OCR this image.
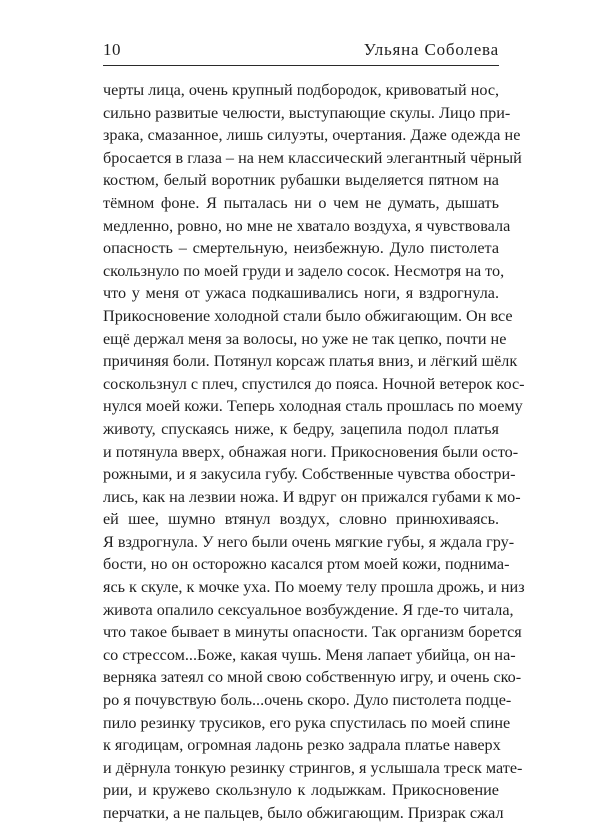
10	Ульяна Соболева
черты лица, очень крупный подбородок, кривоватый нос,
сильно развитые челюсти, выступающие скулы. Лицо при-
зрака, смазанное, лишь силуэты, очертания. Даже одежда не
бросается в глаза – на нем классический элегантный чёрный
костюм, белый воротник рубашки выделяется пятном на
тёмном фоне. Я пыталась ни о чем не думать, дышать
медленно, ровно, но мне не хватало воздуха, я чувствовала
опасность – смертельную, неизбежную. Дуло пистолета
скользнуло по моей груди и задело сосок. Несмотря на то,
что у меня от ужаса подкашивались ноги, я вздрогнула.
Прикосновение холодной стали было обжигающим. Он все
ещё держал меня за волосы, но уже не так цепко, почти не
причиняя боли. Потянул корсаж платья вниз, и лёгкий шёлк
соскользнул с плеч, спустился до пояса. Ночной ветерок кос-
нулся моей кожи. Теперь холодная сталь прошлась по моему
животу, спускаясь ниже, к бедру, зацепила подол платья
и потянула вверх, обнажая ноги. Прикосновения были осто-
рожными, и я закусила губу. Собственные чувства обостри-
лись, как на лезвии ножа. И вдруг он прижался губами к мо-
ей шее, шумно втянул воздух, словно принюхиваясь.
Я вздрогнула. У него были очень мягкие губы, я ждала гру-
бости, но он осторожно касался ртом моей кожи, поднима-
ясь к скуле, к мочке уха. По моему телу прошла дрожь, и низ
живота опалило сексуальное возбуждение. Я где-то читала,
что такое бывает в минуты опасности. Так организм борется
со стрессом...Боже, какая чушь. Меня лапает убийца, он на-
верняка затеял со мной свою собственную игру, и очень ско-
ро я почувствую боль...очень скоро. Дуло пистолета подце-
пило резинку трусиков, его рука спустилась по моей спине
к ягодицам, огромная ладонь резко задрала платье наверх
и дёрнула тонкую резинку стрингов, я услышала треск мате-
рии, и кружево скользнуло к лодыжкам. Прикосновение
перчатки, а не пальцев, было обжигающим. Призрак сжал
